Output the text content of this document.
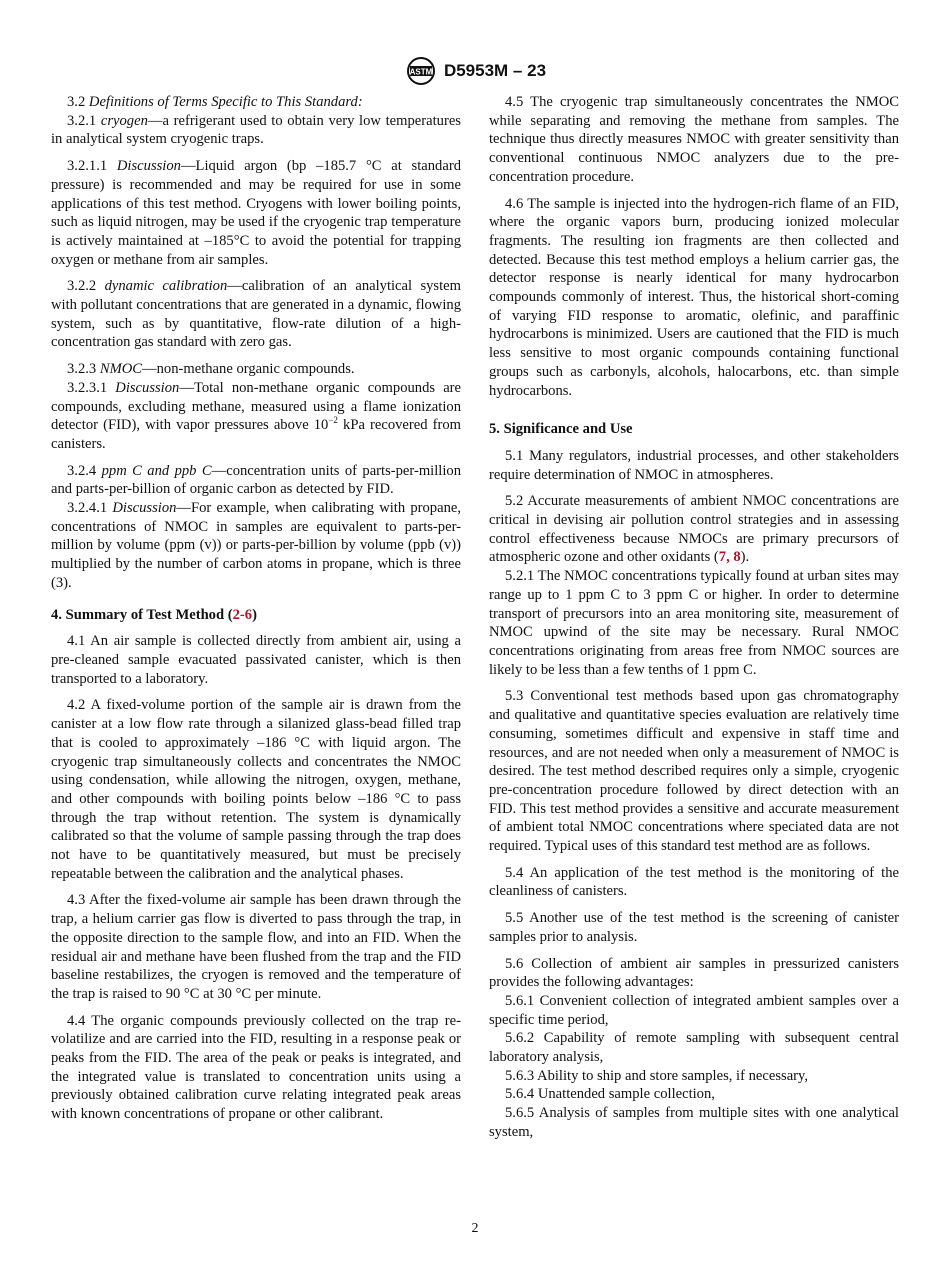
ASTM D5953M – 23

3.2 Definitions of Terms Specific to This Standard:

3.2.1 cryogen—a refrigerant used to obtain very low temperatures in analytical system cryogenic traps.

3.2.1.1 Discussion—Liquid argon (bp –185.7 °C at standard pressure) is recommended and may be required for use in some applications of this test method. Cryogens with lower boiling points, such as liquid nitrogen, may be used if the cryogenic trap temperature is actively maintained at –185°C to avoid the potential for trapping oxygen or methane from air samples.

3.2.2 dynamic calibration—calibration of an analytical system with pollutant concentrations that are generated in a dynamic, flowing system, such as by quantitative, flow-rate dilution of a high-concentration gas standard with zero gas.

3.2.3 NMOC—non-methane organic compounds.

3.2.3.1 Discussion—Total non-methane organic compounds are compounds, excluding methane, measured using a flame ionization detector (FID), with vapor pressures above $10^{-2}$ kPa recovered from canisters.

3.2.4 ppm C and ppb C—concentration units of parts-per-million and parts-per-billion of organic carbon as detected by FID.

3.2.4.1 Discussion—For example, when calibrating with propane, concentrations of NMOC in samples are equivalent to parts-per-million by volume (ppm (v)) or parts-per-billion by volume (ppb (v)) multiplied by the number of carbon atoms in propane, which is three (3).

4. Summary of Test Method (2-6)

4.1 An air sample is collected directly from ambient air, using a pre-cleaned sample evacuated passivated canister, which is then transported to a laboratory.

4.2 A fixed-volume portion of the sample air is drawn from the canister at a low flow rate through a silanized glass-bead filled trap that is cooled to approximately –186 °C with liquid argon. The cryogenic trap simultaneously collects and concentrates the NMOC using condensation, while allowing the nitrogen, oxygen, methane, and other compounds with boiling points below –186 °C to pass through the trap without retention. The system is dynamically calibrated so that the volume of sample passing through the trap does not have to be quantitatively measured, but must be precisely repeatable between the calibration and the analytical phases.

4.3 After the fixed-volume air sample has been drawn through the trap, a helium carrier gas flow is diverted to pass through the trap, in the opposite direction to the sample flow, and into an FID. When the residual air and methane have been flushed from the trap and the FID baseline restabilizes, the cryogen is removed and the temperature of the trap is raised to 90 °C at 30 °C per minute.

4.4 The organic compounds previously collected on the trap re-volatilize and are carried into the FID, resulting in a response peak or peaks from the FID. The area of the peak or peaks is integrated, and the integrated value is translated to concentration units using a previously obtained calibration curve relating integrated peak areas with known concentrations of propane or other calibrant.

4.5 The cryogenic trap simultaneously concentrates the NMOC while separating and removing the methane from samples. The technique thus directly measures NMOC with greater sensitivity than conventional continuous NMOC analyzers due to the pre-concentration procedure.

4.6 The sample is injected into the hydrogen-rich flame of an FID, where the organic vapors burn, producing ionized molecular fragments. The resulting ion fragments are then collected and detected. Because this test method employs a helium carrier gas, the detector response is nearly identical for many hydrocarbon compounds commonly of interest. Thus, the historical short-coming of varying FID response to aromatic, olefinic, and paraffinic hydrocarbons is minimized. Users are cautioned that the FID is much less sensitive to most organic compounds containing functional groups such as carbonyls, alcohols, halocarbons, etc. than simple hydrocarbons.

5. Significance and Use

5.1 Many regulators, industrial processes, and other stakeholders require determination of NMOC in atmospheres.

5.2 Accurate measurements of ambient NMOC concentrations are critical in devising air pollution control strategies and in assessing control effectiveness because NMOCs are primary precursors of atmospheric ozone and other oxidants (7, 8).

5.2.1 The NMOC concentrations typically found at urban sites may range up to 1 ppm C to 3 ppm C or higher. In order to determine transport of precursors into an area monitoring site, measurement of NMOC upwind of the site may be necessary. Rural NMOC concentrations originating from areas free from NMOC sources are likely to be less than a few tenths of 1 ppm C.

5.3 Conventional test methods based upon gas chromatography and qualitative and quantitative species evaluation are relatively time consuming, sometimes difficult and expensive in staff time and resources, and are not needed when only a measurement of NMOC is desired. The test method described requires only a simple, cryogenic pre-concentration procedure followed by direct detection with an FID. This test method provides a sensitive and accurate measurement of ambient total NMOC concentrations where speciated data are not required. Typical uses of this standard test method are as follows.

5.4 An application of the test method is the monitoring of the cleanliness of canisters.

5.5 Another use of the test method is the screening of canister samples prior to analysis.

5.6 Collection of ambient air samples in pressurized canisters provides the following advantages:

5.6.1 Convenient collection of integrated ambient samples over a specific time period,

5.6.2 Capability of remote sampling with subsequent central laboratory analysis,

5.6.3 Ability to ship and store samples, if necessary,

5.6.4 Unattended sample collection,

5.6.5 Analysis of samples from multiple sites with one analytical system,

2
